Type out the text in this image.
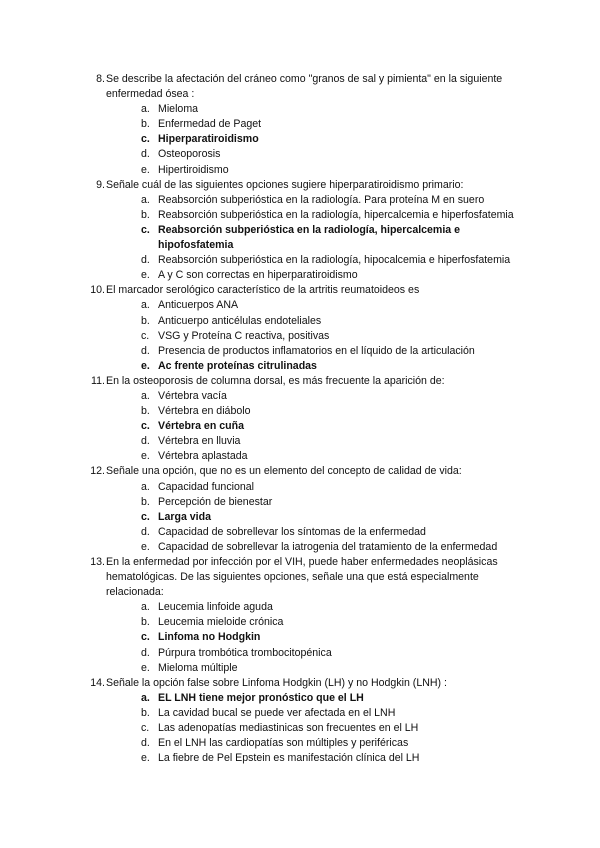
8. Se describe la afectación del cráneo como "granos de sal y pimienta" en la siguiente enfermedad ósea :
a. Mieloma
b. Enfermedad de Paget
c. Hiperparatiroidismo
d. Osteoporosis
e. Hipertiroidismo
9. Señale cuál de las siguientes opciones sugiere hiperparatiroidismo primario:
a. Reabsorción subperióstica en la radiología. Para proteína M en suero
b. Reabsorción subperióstica en la radiología, hipercalcemia e hiperfosfatemia
c. Reabsorción subperióstica en la radiología, hipercalcemia e hipofosfatemia
d. Reabsorción subperióstica en la radiología, hipocalcemia e hiperfosfatemia
e. A y C son correctas en hiperparatiroidismo
10. El marcador serológico característico de la artritis reumatoideos es
a. Anticuerpos ANA
b. Anticuerpo anticélulas endoteliales
c. VSG y Proteína C reactiva, positivas
d. Presencia de productos inflamatorios en el líquido de la articulación
e. Ac frente proteínas citrulinadas
11. En la osteoporosis de columna dorsal, es más frecuente la aparición de:
a. Vértebra vacía
b. Vértebra en diábolo
c. Vértebra en cuña
d. Vértebra en lluvia
e. Vértebra aplastada
12. Señale una opción, que no es un elemento del concepto de calidad de vida:
a. Capacidad funcional
b. Percepción de bienestar
c. Larga vida
d. Capacidad de sobrellevar los síntomas de la enfermedad
e. Capacidad de sobrellevar la iatrogenia del tratamiento de la enfermedad
13. En la enfermedad por infección por el VIH, puede haber enfermedades neoplásicas hematológicas. De las siguientes opciones, señale una que está especialmente relacionada:
a. Leucemia linfoide aguda
b. Leucemia mieloide crónica
c. Linfoma no Hodgkin
d. Púrpura trombótica trombocitopénica
e. Mieloma múltiple
14. Señale la opción false sobre Linfoma Hodgkin (LH) y no Hodgkin (LNH) :
a. EL LNH tiene mejor pronóstico que el LH
b. La cavidad bucal se puede ver afectada en el LNH
c. Las adenopatías mediastinicas son frecuentes en el LH
d. En el LNH las cardiopatías son múltiples y periféricas
e. La fiebre de Pel Epstein es manifestación clínica del LH
